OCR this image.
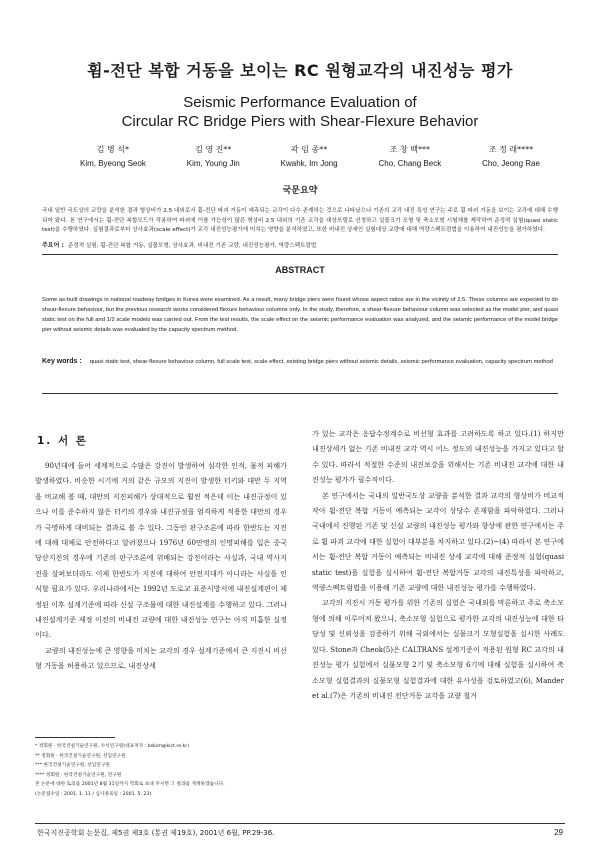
휨-전단 복합 거동을 보이는 RC 원형교각의 내진성능 평가
Seismic Performance Evaluation of
Circular RC Bridge Piers with Shear-Flexure Behavior
김 병 석*
Kim, Byeong Seok
김 영 진**
Kim, Young Jin
곽 임 종**
Kwahk, Im Jong
조 창 백***
Cho, Chang Beck
조 정 래****
Cho, Jeong Rae
국문요약
국내 일반 국도상의 교량을 분석한 결과 형상비가 2.5 내외로서 휨-전단 파괴 거동이 예측되는 교각이 다수 존재하는 것으로 나타났으나 기존의 교각 내진 특성 연구는 주로 휨 파괴 거동을 보이는 교각에 대해 수행되어 왔다. 본 연구에서는 휨-전단 복합모드가 작용하여 파괴에 이를 가능성이 많은 형상비 2.5 내외의 기존 교각을 대상모델로 선정하고 실물크기 모형 및 축소모형 시험체를 제작하여 준정적 실험(quasi static test)을 수행하였다. 실험결과로부터 상사효과(scale effect)가 교각 내진성능평가에 미치는 영향을 분석하였고, 또한 비내진 상세인 실험대상 교량에 대해 역량스펙트럼법을 이용하여 내진성능을 평가하였다.
주요어 : 준정적 실험, 휨-전단 복합 거동, 실물모형, 상사효과, 비내진 기존 교량, 내진성능평가, 역량스펙트럼법
ABSTRACT
Some as-built drawings in national roadway bridges in Korea were examined. As a result, many bridge piers were found whose aspect ratios are in the vicinity of 2.5. These columns are expected to do shear-flexure behaviour, but the previous research works considered flexure behaviour columns only. In the study, therefore, a shear-flexure behaviour column was selected as the model pier, and quasi static test on the full and 1/2 scale models was carried out. From the test results, the scale effect on the seismic performance evaluation was analyzed, and the seismic performance of the model bridge pier without seismic details was evaluated by the capacity spectrum method.
Key words : quasi static test, shear-flexure behaviour column, full scale test, scale effect, existing bridge piers without seismic details, seismic performance evaluation, capacity spectrum method
1. 서 론

90년대에 들어 세계적으로 수많은 강진이 발생하여 심각한 인적, 물적 피해가 발생하였다. 비슷한 시기에 거의 같은 규모의 지진이 발생한 터키와 대만 두 지역을 비교해 볼 때, 대만의 지진피해가 상대적으로 훨씬 적은데 이는 내진규정이 있으나 이를 준수하지 않은 터키의 경우와 내진규정을 엄격하게 적용한 대만의 경우가 극명하게 대비되는 결과로 볼 수 있다. 그동안 판구조론에 따라 한반도는 지진에 대해 대체로 안전하다고 알려졌으나 1976년 60만명의 인명피해를 입은 중국 당산지진의 경우에 기존의 판구조론에 위배되는 강진이라는 사실과, 국내 역사지진을 살펴보더라도 이제 한반도가 지진에 대하여 안전지대가 아니라는 사실을 인식할 필요가 있다. 우리나라에서는 1992년 도로교 표준시방서에 내진설계편이 제정된 이후 설계기준에 따라 신설 구조물에 대한 내진설계를 수행하고 있다. 그러나 내진설계기준 제정 이전의 비내진 교량에 대한 내진성능 연구는 아직 미흡한 실정이다.

교량의 내진성능에 큰 영향을 미치는 교각의 경우 설계기준에서 큰 지진시 비선형 거동을 허용하고 있으므로, 내진상세

가 있는 교각은 응답수정계수로 비선형 효과를 고려하도록 하고 있다.(1) 하지만 내진상세가 없는 기존 비내진 교각 역시 어느 정도의 내진성능을 가지고 있다고 할 수 있다. 따라서 적절한 수준의 내진보강을 위해서는 기존 비내진 교각에 대한 내진성능 평가가 필수적이다.

본 연구에서는 국내의 일반국도상 교량을 분석한 결과 교각의 형상비가 비교적 작아 휨-전단 복합 거동이 예측되는 교각이 상당수 존재함을 파악하였다. 그러나 국내에서 진행된 기존 및 신설 교량의 내진성능 평가와 향상에 관한 연구에서는 주로 휨 파괴 교각에 대한 실험이 대부분을 차지하고 있다.(2)~(4) 따라서 본 연구에서는 휨-전단 복합 거동이 예측되는 비내진 상세 교각에 대해 준정적 실험(quasi static test)을 실험을 실시하여 휨-전단 복합거동 교각의 내진특성을 파악하고, 역량스펙트럼법을 이용해 기존 교량에 대한 내진성능 평가를 수행하였다.

교각의 지진시 거동 평가를 위한 기존의 실험은 국내외를 막론하고 주로 축소모형에 의해 이루어져 왔으나, 축소모형 실험으로 평가한 교각의 내진성능에 대한 타당성 및 신뢰성을 검증하기 위해 국외에서는 실물크기 모형실험을 실시한 사례도 있다. Stone과 Cheok(5)은 CALTRANS 설계기준이 적용된 원형 RC 교각의 내진성능 평가 실험에서 실물모형 2기 및 축소모형 6기에 대해 실험을 실시하여 축소모형 실험결과의 실물모형 실험결과에 대한 유사성을 검토하였고(6), Mander et al.(7)은 기존의 비내진 전단거동 교각을 교량 철거

* 정회원 · 한국건설기술연구원, 수석연구원(대표저자 : bskim@kict.re.kr)
** 정회원 · 한국건설기술연구원, 선임연구원
*** 한국건설기술연구원, 선임연구원
**** 정회원 · 한국건설기술연구원, 연구원
본 논문에 대한 토의를 2001년 8월 31일까지 학회로 보내 주시면 그 결과를 게재하겠습니다.
(논문접수일 : 2001. 1. 11 / 심사종료일 : 2001. 5. 23)
한국지진공학회 논문집, 제5권 제3호 (통권 제19호), 2001년 6월, PP.29-36.	29
